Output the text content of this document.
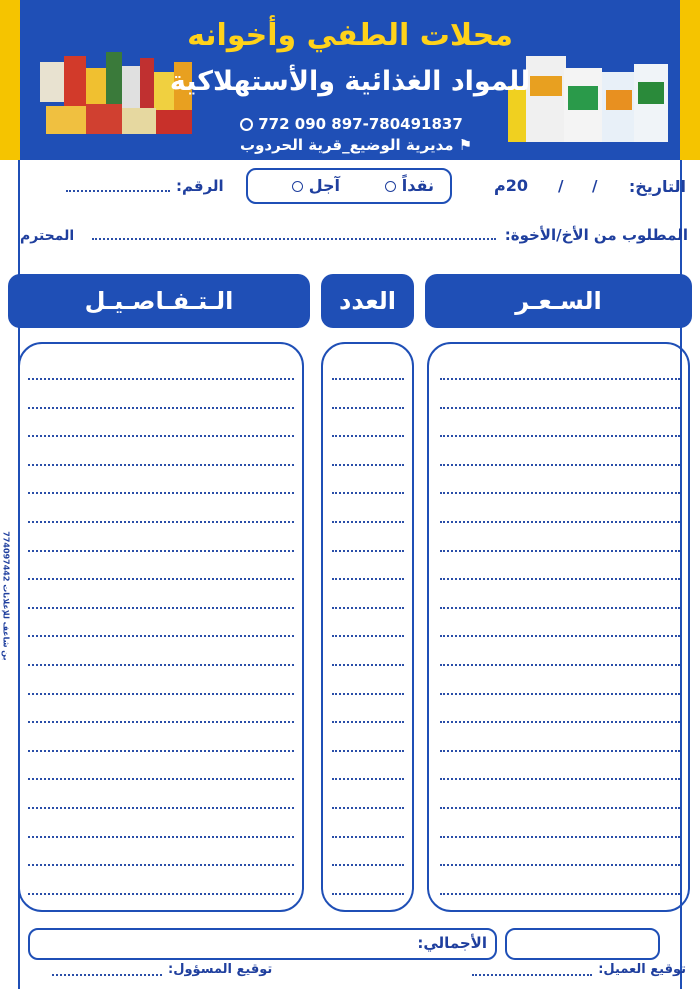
محلات الطفي وأخوانه
للمواد الغذائية والأستهلاكية
772 090 897-780491837
⚑ مديرية الوضيع_قرية الحردوب
التاريخ:
/
/
20م
نقداً
آجل
الرقم:
المطلوب من الأخ/الأخوة:
المحترم
السـعـر
العدد
الـتـفـاصـيـل
الأجمالي:
توقيع العميل:
توقيع المسؤول:
بن شاعف للإعلانات 774097442
